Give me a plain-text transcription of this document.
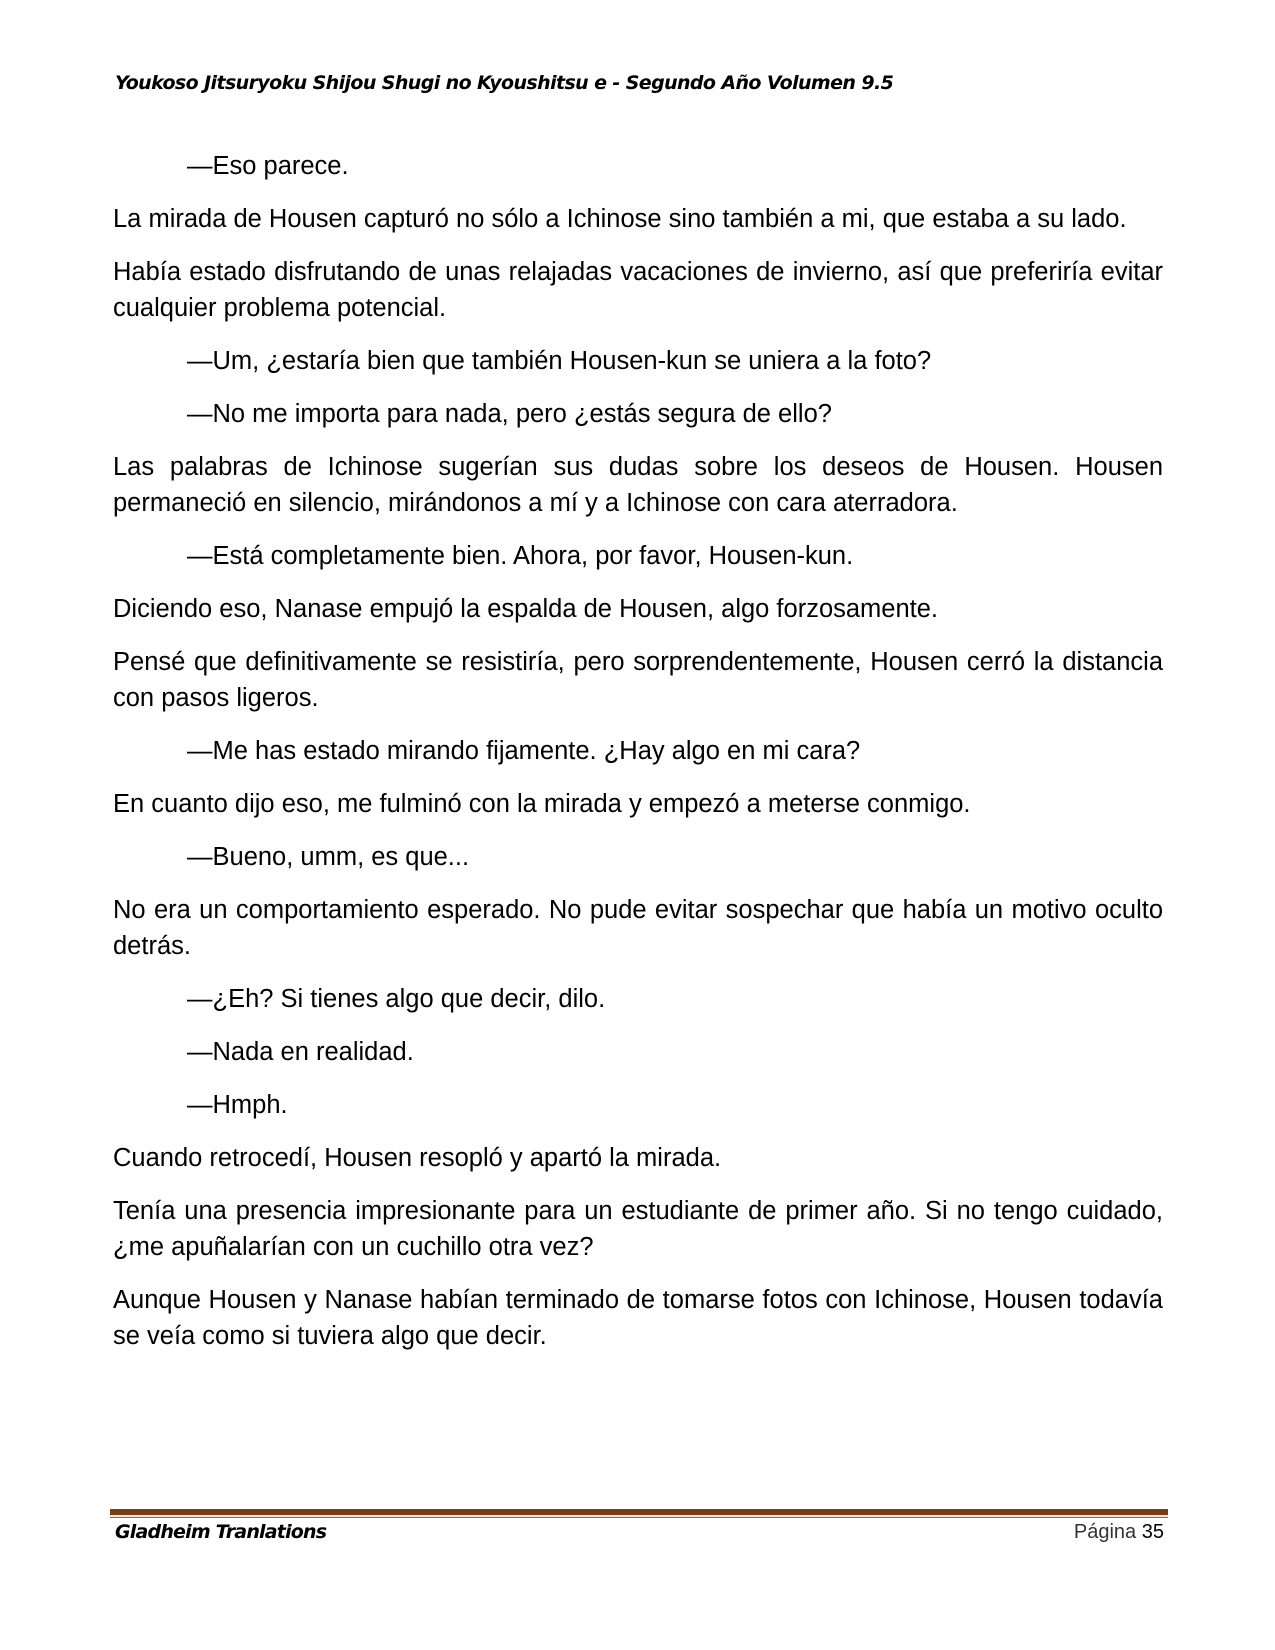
Youkoso Jitsuryoku Shijou Shugi no Kyoushitsu e - Segundo Año Volumen 9.5

—Eso parece.

La mirada de Housen capturó no sólo a Ichinose sino también a mi, que estaba a su lado.

Había estado disfrutando de unas relajadas vacaciones de invierno, así que preferiría evitar cualquier problema potencial.

—Um, ¿estaría bien que también Housen-kun se uniera a la foto?

—No me importa para nada, pero ¿estás segura de ello?

Las palabras de Ichinose sugerían sus dudas sobre los deseos de Housen. Housen permaneció en silencio, mirándonos a mí y a Ichinose con cara aterradora.

—Está completamente bien. Ahora, por favor, Housen-kun.

Diciendo eso, Nanase empujó la espalda de Housen, algo forzosamente.

Pensé que definitivamente se resistiría, pero sorprendentemente, Housen cerró la distancia con pasos ligeros.

—Me has estado mirando fijamente. ¿Hay algo en mi cara?

En cuanto dijo eso, me fulminó con la mirada y empezó a meterse conmigo.

—Bueno, umm, es que...

No era un comportamiento esperado. No pude evitar sospechar que había un motivo oculto detrás.

—¿Eh? Si tienes algo que decir, dilo.

—Nada en realidad.

—Hmph.

Cuando retrocedí, Housen resopló y apartó la mirada.

Tenía una presencia impresionante para un estudiante de primer año. Si no tengo cuidado, ¿me apuñalarían con un cuchillo otra vez?

Aunque Housen y Nanase habían terminado de tomarse fotos con Ichinose, Housen todavía se veía como si tuviera algo que decir.

Gladheim Tranlations	Página 35
